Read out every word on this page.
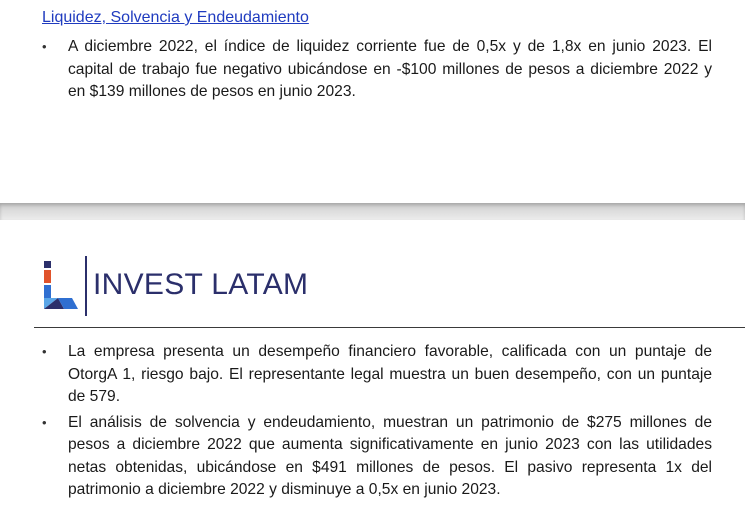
Liquidez, Solvencia y Endeudamiento
•	A diciembre 2022, el índice de liquidez corriente fue de 0,5x y de 1,8x en junio 2023. El capital de trabajo fue negativo ubicándose en -$100 millones de pesos a diciembre 2022 y en $139 millones de pesos en junio 2023.
INVEST LATAM
•	La empresa presenta un desempeño financiero favorable, calificada con un puntaje de OtorgA 1, riesgo bajo. El representante legal muestra un buen desempeño, con un puntaje de 579.
•	El análisis de solvencia y endeudamiento, muestran un patrimonio de $275 millones de pesos a diciembre 2022 que aumenta significativamente en junio 2023 con las utilidades netas obtenidas, ubicándose en $491 millones de pesos. El pasivo representa 1x del patrimonio a diciembre 2022 y disminuye a 0,5x en junio 2023.
